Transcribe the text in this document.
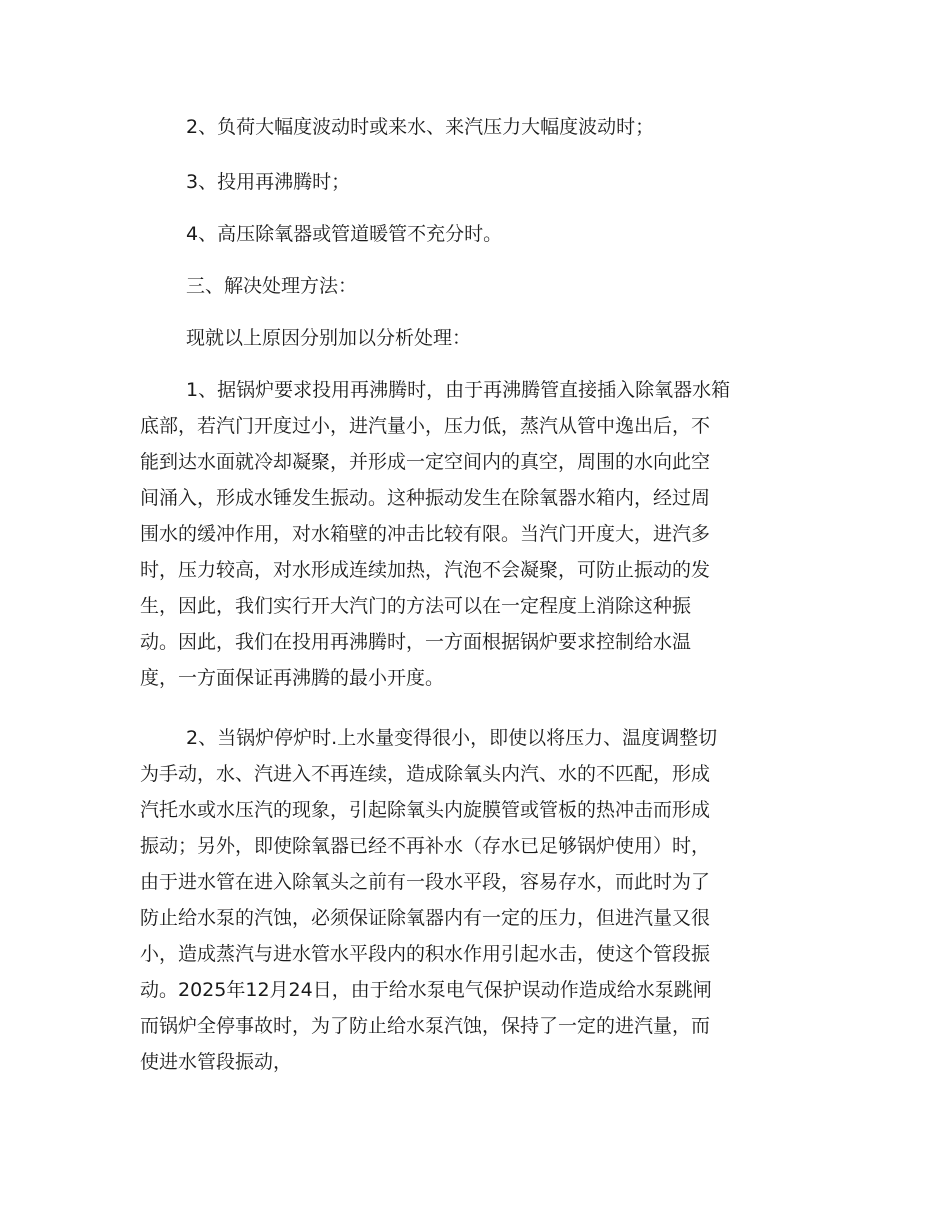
2、负荷大幅度波动时或来水、来汽压力大幅度波动时；
3、投用再沸腾时；
4、高压除氧器或管道暖管不充分时。
三、解决处理方法：
现就以上原因分别加以分析处理：
1、据锅炉要求投用再沸腾时，由于再沸腾管直接插入除氧器水箱
底部，若汽门开度过小，进汽量小，压力低，蒸汽从管中逸出后，不
能到达水面就冷却凝聚，并形成一定空间内的真空，周围的水向此空
间涌入，形成水锤发生振动。这种振动发生在除氧器水箱内，经过周
围水的缓冲作用，对水箱壁的冲击比较有限。当汽门开度大，进汽多
时，压力较高，对水形成连续加热，汽泡不会凝聚，可防止振动的发
生，因此，我们实行开大汽门的方法可以在一定程度上消除这种振
动。因此，我们在投用再沸腾时，一方面根据锅炉要求控制给水温
度，一方面保证再沸腾的最小开度。
2、当锅炉停炉时.上水量变得很小，即使以将压力、温度调整切
为手动，水、汽进入不再连续，造成除氧头内汽、水的不匹配，形成
汽托水或水压汽的现象，引起除氧头内旋膜管或管板的热冲击而形成
振动；另外，即使除氧器已经不再补水（存水已足够锅炉使用）时，
由于进水管在进入除氧头之前有一段水平段，容易存水，而此时为了
防止给水泵的汽蚀，必须保证除氧器内有一定的压力，但进汽量又很
小，造成蒸汽与进水管水平段内的积水作用引起水击，使这个管段振
动。2025年12月24日，由于给水泵电气保护误动作造成给水泵跳闸
而锅炉全停事故时，为了防止给水泵汽蚀，保持了一定的进汽量，而
使进水管段振动，
